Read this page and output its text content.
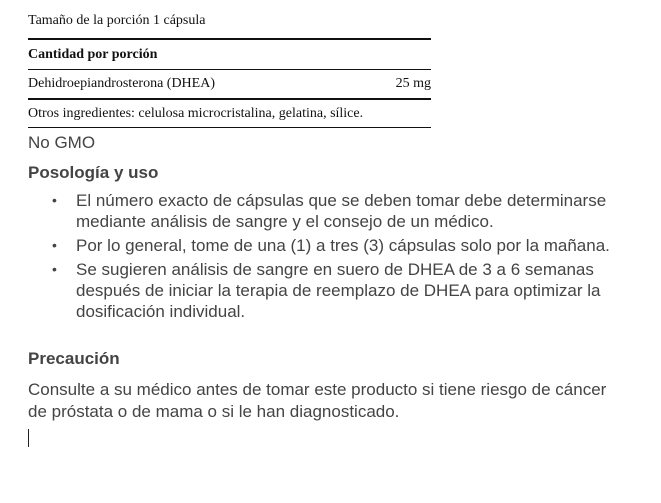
Tamaño de la porción 1 cápsula
Cantidad por porción
Dehidroepiandrosterona (DHEA)	25 mg
Otros ingredientes: celulosa microcristalina, gelatina, sílice.
No GMO
Posología y uso
• El número exacto de cápsulas que se deben tomar debe determinarse mediante análisis de sangre y el consejo de un médico.
• Por lo general, tome de una (1) a tres (3) cápsulas solo por la mañana.
• Se sugieren análisis de sangre en suero de DHEA de 3 a 6 semanas después de iniciar la terapia de reemplazo de DHEA para optimizar la dosificación individual.
Precaución
Consulte a su médico antes de tomar este producto si tiene riesgo de cáncer de próstata o de mama o si le han diagnosticado.
